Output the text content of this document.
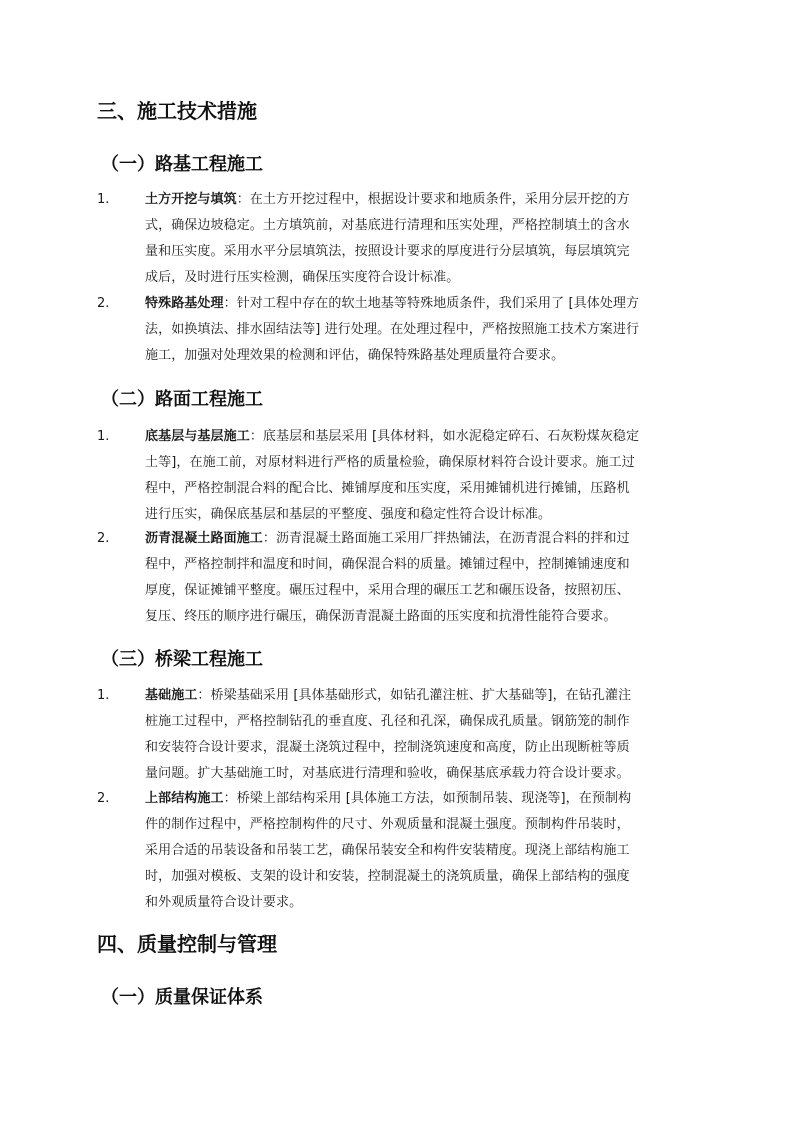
三、施工技术措施
（一）路基工程施工
1.	土方开挖与填筑：在土方开挖过程中，根据设计要求和地质条件，采用分层开挖的方
式，确保边坡稳定。土方填筑前，对基底进行清理和压实处理，严格控制填土的含水
量和压实度。采用水平分层填筑法，按照设计要求的厚度进行分层填筑，每层填筑完
成后，及时进行压实检测，确保压实度符合设计标准。
2.	特殊路基处理：针对工程中存在的软土地基等特殊地质条件，我们采用了 [具体处理方
法，如换填法、排水固结法等] 进行处理。在处理过程中，严格按照施工技术方案进行
施工，加强对处理效果的检测和评估，确保特殊路基处理质量符合要求。
（二）路面工程施工
1.	底基层与基层施工：底基层和基层采用 [具体材料，如水泥稳定碎石、石灰粉煤灰稳定
土等]，在施工前，对原材料进行严格的质量检验，确保原材料符合设计要求。施工过
程中，严格控制混合料的配合比、摊铺厚度和压实度，采用摊铺机进行摊铺，压路机
进行压实，确保底基层和基层的平整度、强度和稳定性符合设计标准。
2.	沥青混凝土路面施工：沥青混凝土路面施工采用厂拌热铺法，在沥青混合料的拌和过
程中，严格控制拌和温度和时间，确保混合料的质量。摊铺过程中，控制摊铺速度和
厚度，保证摊铺平整度。碾压过程中，采用合理的碾压工艺和碾压设备，按照初压、
复压、终压的顺序进行碾压，确保沥青混凝土路面的压实度和抗滑性能符合要求。
（三）桥梁工程施工
1.	基础施工：桥梁基础采用 [具体基础形式，如钻孔灌注桩、扩大基础等]，在钻孔灌注
桩施工过程中，严格控制钻孔的垂直度、孔径和孔深，确保成孔质量。钢筋笼的制作
和安装符合设计要求，混凝土浇筑过程中，控制浇筑速度和高度，防止出现断桩等质
量问题。扩大基础施工时，对基底进行清理和验收，确保基底承载力符合设计要求。
2.	上部结构施工：桥梁上部结构采用 [具体施工方法，如预制吊装、现浇等]，在预制构
件的制作过程中，严格控制构件的尺寸、外观质量和混凝土强度。预制构件吊装时，
采用合适的吊装设备和吊装工艺，确保吊装安全和构件安装精度。现浇上部结构施工
时，加强对模板、支架的设计和安装，控制混凝土的浇筑质量，确保上部结构的强度
和外观质量符合设计要求。
四、质量控制与管理
（一）质量保证体系
